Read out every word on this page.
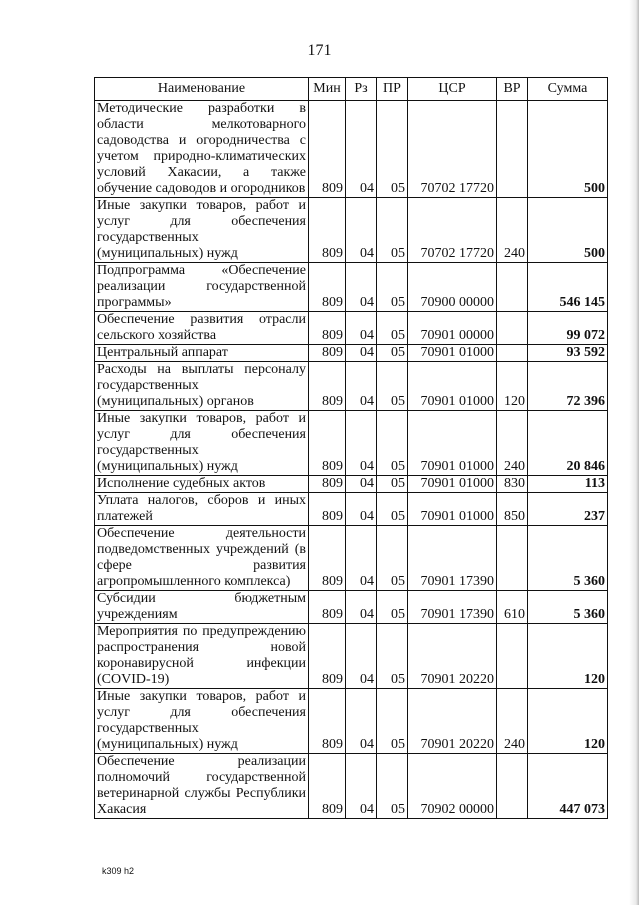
171
Наименование	Мин	Рз	ПР	ЦСР	ВР	Сумма
Методические разработки в области мелкотоварного садоводства и огородничества с учетом природно-климатических условий Хакасии, а также обучение садоводов и огородников	809	04	05	70702 17720		500
Иные закупки товаров, работ и услуг для обеспечения государственных (муниципальных) нужд	809	04	05	70702 17720	240	500
Подпрограмма «Обеспечение реализации государственной программы»	809	04	05	70900 00000		546 145
Обеспечение развития отрасли сельского хозяйства	809	04	05	70901 00000		99 072
Центральный аппарат	809	04	05	70901 01000		93 592
Расходы на выплаты персоналу государственных (муниципальных) органов	809	04	05	70901 01000	120	72 396
Иные закупки товаров, работ и услуг для обеспечения государственных (муниципальных) нужд	809	04	05	70901 01000	240	20 846
Исполнение судебных актов	809	04	05	70901 01000	830	113
Уплата налогов, сборов и иных платежей	809	04	05	70901 01000	850	237
Обеспечение деятельности подведомственных учреждений (в сфере развития агропромышленного комплекса)	809	04	05	70901 17390		5 360
Субсидии бюджетным учреждениям	809	04	05	70901 17390	610	5 360
Мероприятия по предупреждению распространения новой коронавирусной инфекции (COVID-19)	809	04	05	70901 20220		120
Иные закупки товаров, работ и услуг для обеспечения государственных (муниципальных) нужд	809	04	05	70901 20220	240	120
Обеспечение реализации полномочий государственной ветеринарной службы Республики Хакасия	809	04	05	70902 00000		447 073
k309 h2
